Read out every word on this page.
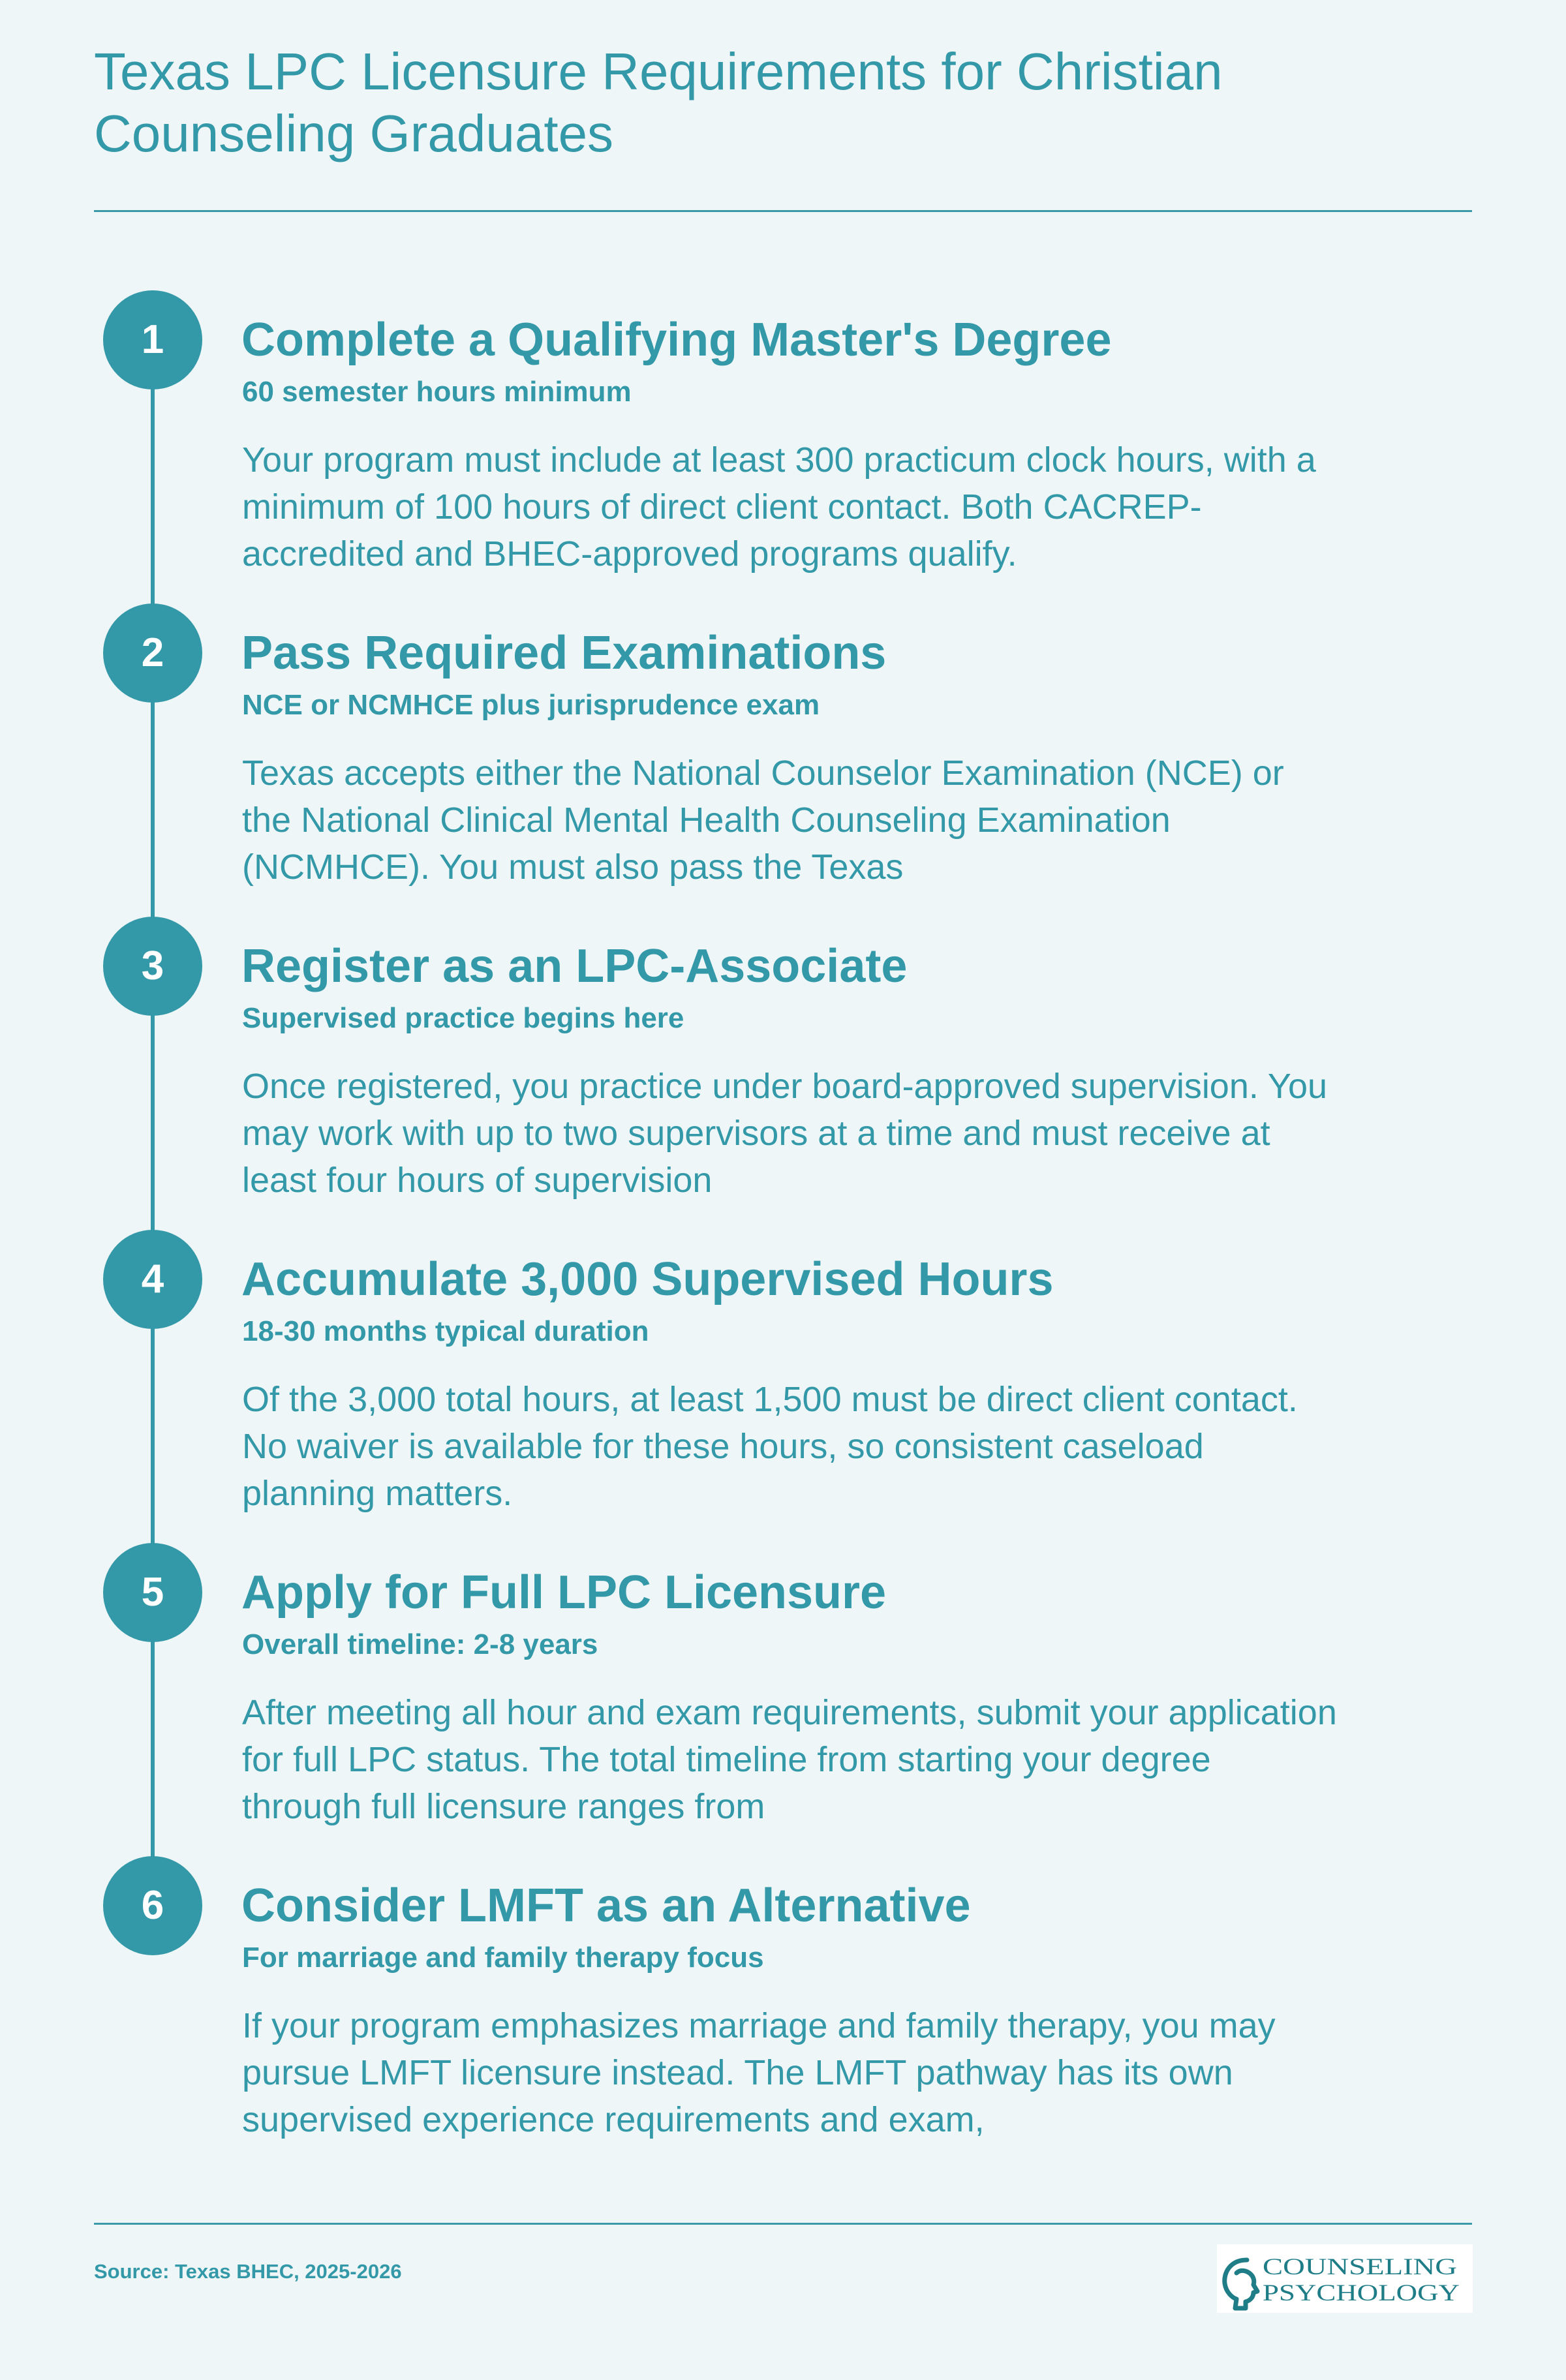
Texas LPC Licensure Requirements for Christian Counseling Graduates
1	Complete a Qualifying Master's Degree
60 semester hours minimum
Your program must include at least 300 practicum clock hours, with a minimum of 100 hours of direct client contact. Both CACREP-accredited and BHEC-approved programs qualify.
2	Pass Required Examinations
NCE or NCMHCE plus jurisprudence exam
Texas accepts either the National Counselor Examination (NCE) or the National Clinical Mental Health Counseling Examination (NCMHCE). You must also pass the Texas
3	Register as an LPC-Associate
Supervised practice begins here
Once registered, you practice under board-approved supervision. You may work with up to two supervisors at a time and must receive at least four hours of supervision
4	Accumulate 3,000 Supervised Hours
18-30 months typical duration
Of the 3,000 total hours, at least 1,500 must be direct client contact. No waiver is available for these hours, so consistent caseload planning matters.
5	Apply for Full LPC Licensure
Overall timeline: 2-8 years
After meeting all hour and exam requirements, submit your application for full LPC status. The total timeline from starting your degree through full licensure ranges from
6	Consider LMFT as an Alternative
For marriage and family therapy focus
If your program emphasizes marriage and family therapy, you may pursue LMFT licensure instead. The LMFT pathway has its own supervised experience requirements and exam,
Source: Texas BHEC, 2025-2026	COUNSELING
PSYCHOLOGY
